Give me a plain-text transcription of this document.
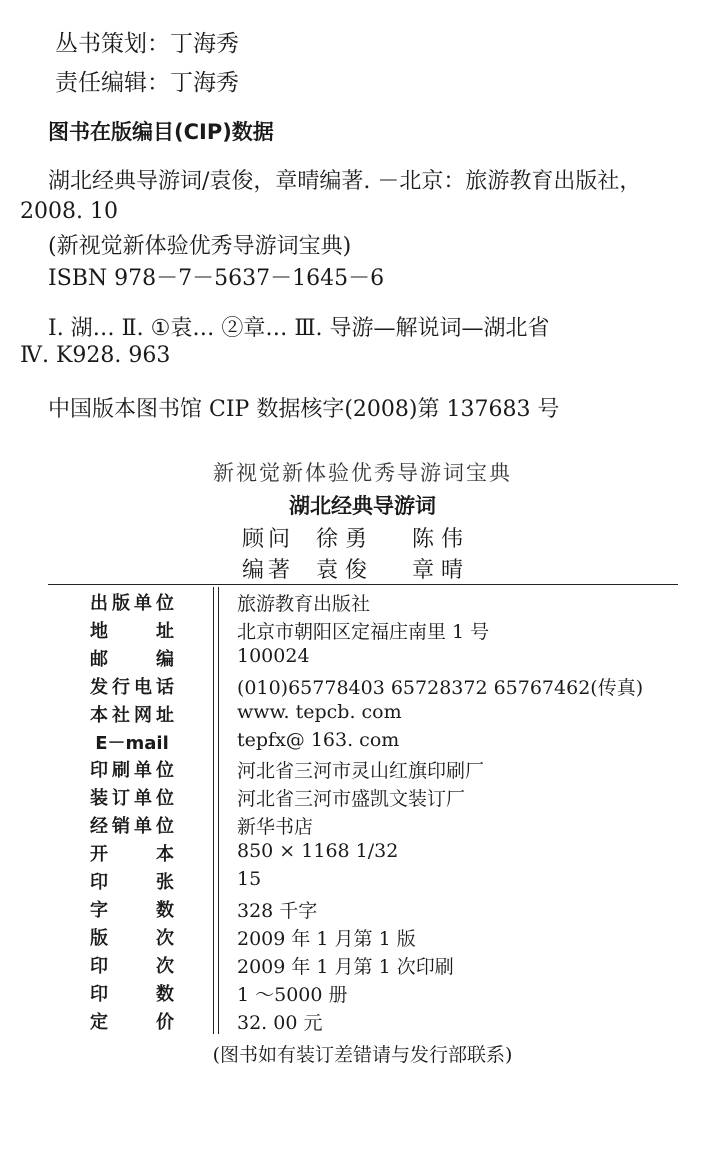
丛书策划：丁海秀
责任编辑：丁海秀
图书在版编目(CIP)数据
湖北经典导游词/袁俊，章晴编著. －北京：旅游教育出版社，
2008. 10
(新视觉新体验优秀导游词宝典)
ISBN 978－7－5637－1645－6
Ⅰ. 湖… Ⅱ. ①袁… ②章… Ⅲ. 导游—解说词—湖北省
Ⅳ. K928. 963
中国版本图书馆 CIP 数据核字(2008)第 137683 号
新视觉新体验优秀导游词宝典
湖北经典导游词
顾问 徐 勇 陈 伟
编著 袁 俊 章 晴
出版单位	旅游教育出版社
地址	北京市朝阳区定福庄南里 1 号
邮编	100024
发行电话	(010)65778403 65728372 65767462(传真)
本社网址	www. tepcb. com
E－mail	tepfx@ 163. com
印刷单位	河北省三河市灵山红旗印刷厂
装订单位	河北省三河市盛凯文装订厂
经销单位	新华书店
开本	850 × 1168 1/32
印张	15
字数	328 千字
版次	2009 年 1 月第 1 版
印次	2009 年 1 月第 1 次印刷
印数	1 ～5000 册
定价	32. 00 元
(图书如有装订差错请与发行部联系)
